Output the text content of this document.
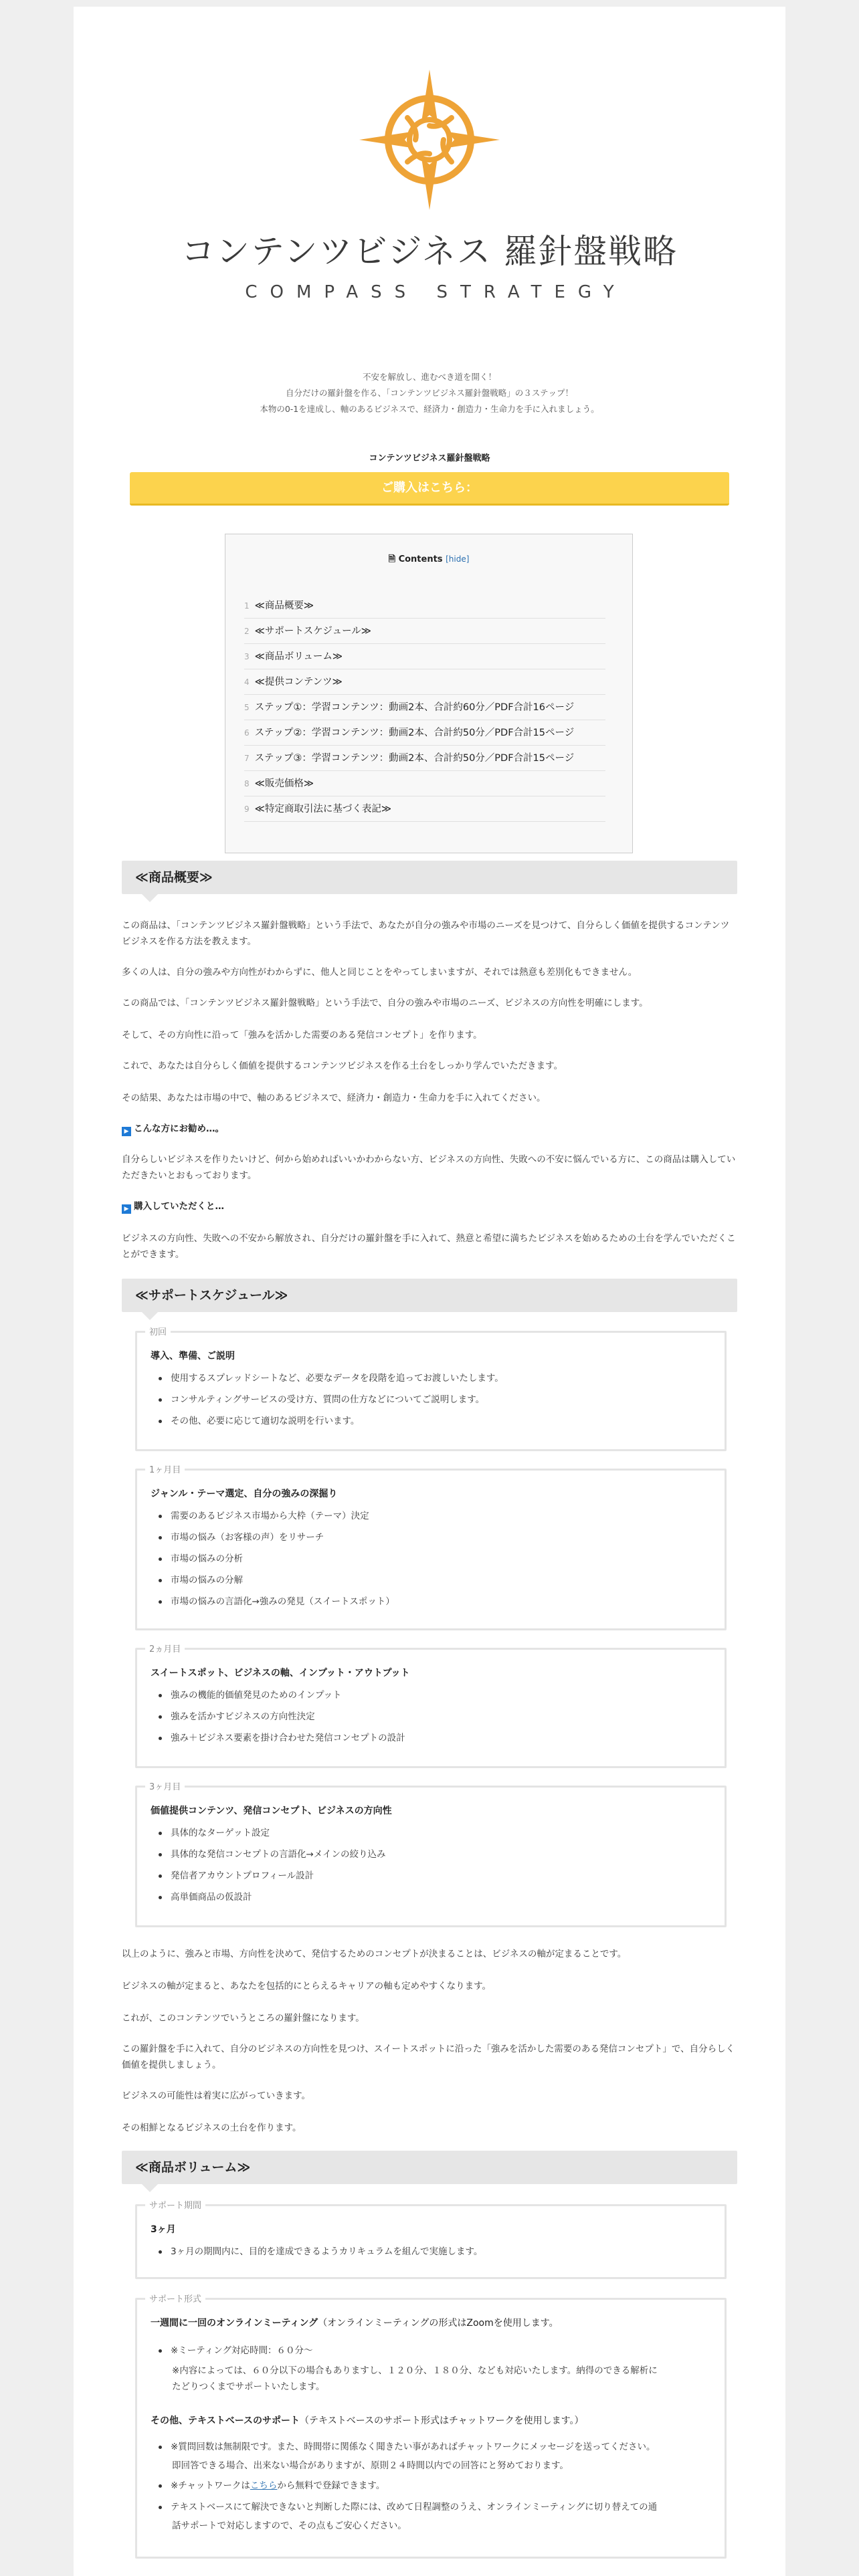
コンテンツビジネス 羅針盤戦略
COMPASS STRATEGY
不安を解放し、進むべき道を開く！
自分だけの羅針盤を作る、「コンテンツビジネス羅針盤戦略」の３ステップ！
本物の0-1を達成し、軸のあるビジネスで、経済力・創造力・生命力を手に入れましょう。
コンテンツビジネス羅針盤戦略
ご購入はこちら：
🗎 Contents [hide]
1 ≪商品概要≫
2 ≪サポートスケジュール≫
3 ≪商品ボリューム≫
4 ≪提供コンテンツ≫
5 ステップ①：学習コンテンツ：動画2本、合計約60分／PDF合計16ページ
6 ステップ②：学習コンテンツ：動画2本、合計約50分／PDF合計15ページ
7 ステップ③：学習コンテンツ：動画2本、合計約50分／PDF合計15ページ
8 ≪販売価格≫
9 ≪特定商取引法に基づく表記≫
≪商品概要≫
この商品は、「コンテンツビジネス羅針盤戦略」という手法で、あなたが自分の強みや市場のニーズを見つけて、自分らしく価値を提供するコンテンツビジネスを作る方法を教えます。
多くの人は、自分の強みや方向性がわからずに、他人と同じことをやってしまいますが、それでは熱意も差別化もできません。
この商品では、「コンテンツビジネス羅針盤戦略」という手法で、自分の強みや市場のニーズ、ビジネスの方向性を明確にします。
そして、その方向性に沿って「強みを活かした需要のある発信コンセプト」を作ります。
これで、あなたは自分らしく価値を提供するコンテンツビジネスを作る土台をしっかり学んでいただきます。
その結果、あなたは市場の中で、軸のあるビジネスで、経済力・創造力・生命力を手に入れてください。
▶ こんな方にお勧め…。
自分らしいビジネスを作りたいけど、何から始めればいいかわからない方、ビジネスの方向性、失敗への不安に悩んでいる方に、この商品は購入していただきたいとおもっております。
▶ 購入していただくと…
ビジネスの方向性、失敗への不安から解放され、自分だけの羅針盤を手に入れて、熱意と希望に満ちたビジネスを始めるための土台を学んでいただくことができます。
≪サポートスケジュール≫
初回
導入、準備、ご説明
使用するスプレッドシートなど、必要なデータを段階を追ってお渡しいたします。
コンサルティングサービスの受け方、質問の仕方などについてご説明します。
その他、必要に応じて適切な説明を行います。
1ヶ月目
ジャンル・テーマ選定、自分の強みの深掘り
需要のあるビジネス市場から大枠（テーマ）決定
市場の悩み（お客様の声）をリサーチ
市場の悩みの分析
市場の悩みの分解
市場の悩みの言語化→強みの発見（スイートスポット）
2ヵ月目
スイートスポット、ビジネスの軸、インプット・アウトプット
強みの機能的価値発見のためのインプット
強みを活かすビジネスの方向性決定
強み＋ビジネス要素を掛け合わせた発信コンセプトの設計
3ヶ月目
価値提供コンテンツ、発信コンセプト、ビジネスの方向性
具体的なターゲット設定
具体的な発信コンセプトの言語化→メインの絞り込み
発信者アカウントプロフィール設計
高単価商品の仮設計
以上のように、強みと市場、方向性を決めて、発信するためのコンセプトが決まることは、ビジネスの軸が定まることです。
ビジネスの軸が定まると、あなたを包括的にとらえるキャリアの軸も定めやすくなります。
これが、このコンテンツでいうところの羅針盤になります。
この羅針盤を手に入れて、自分のビジネスの方向性を見つけ、スイートスポットに沿った「強みを活かした需要のある発信コンセプト」で、自分らしく価値を提供しましょう。
ビジネスの可能性は着実に広がっていきます。
その相鮮となるビジネスの土台を作ります。
≪商品ボリューム≫
サポート期間
3ヶ月
3ヶ月の期間内に、目的を達成できるようカリキュラムを組んで実施します。
サポート形式
一週間に一回のオンラインミーティング（オンラインミーティングの形式はZoomを使用します。
※ミーティング対応時間：６０分〜
※内容によっては、６０分以下の場合もありますし、１２０分、１８０分、なども対応いたします。納得のできる解析に
たどりつくまでサポートいたします。
その他、テキストベースのサポート（テキストベースのサポート形式はチャットワークを使用します。）
※質問回数は無制限です。また、時間帯に関係なく聞きたい事があればチャットワークにメッセージを送ってください。
即回答できる場合、出来ない場合がありますが、原則２４時間以内での回答にと努めております。
※チャットワークはこちらから無料で登録できます。
テキストベースにて解決できないと判断した際には、改めて日程調整のうえ、オンラインミーティングに切り替えての通
話サポートで対応しますので、その点もご安心ください。
